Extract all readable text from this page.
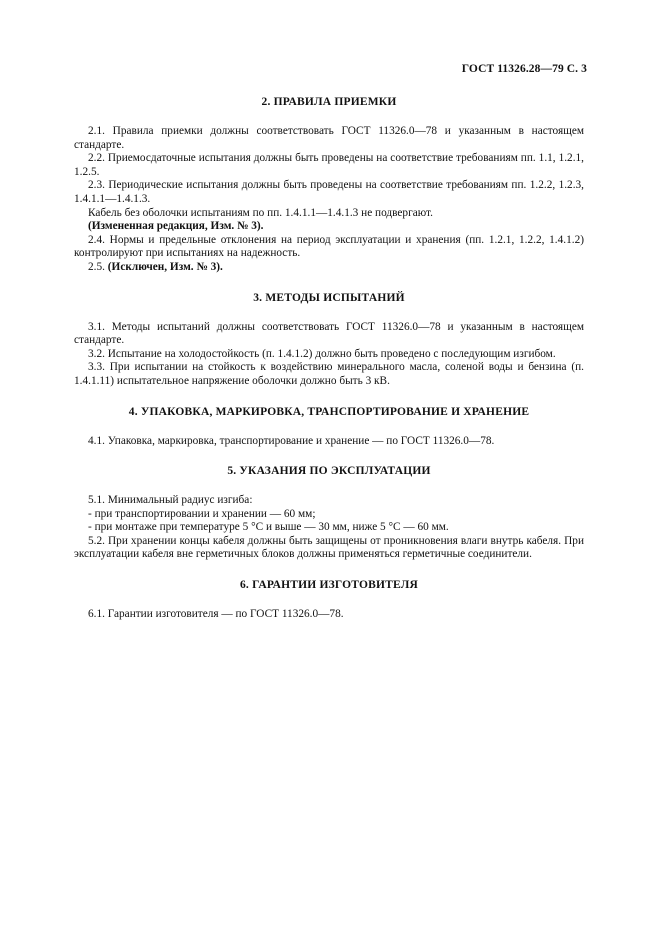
ГОСТ 11326.28—79 С. 3
2. ПРАВИЛА ПРИЕМКИ

2.1. Правила приемки должны соответствовать ГОСТ 11326.0—78 и указанным в настоящем стандарте.

2.2. Приемосдаточные испытания должны быть проведены на соответствие требованиям пп. 1.1, 1.2.1, 1.2.5.

2.3. Периодические испытания должны быть проведены на соответствие требованиям пп. 1.2.2, 1.2.3, 1.4.1.1—1.4.1.3.

Кабель без оболочки испытаниям по пп. 1.4.1.1—1.4.1.3 не подвергают.

(Измененная редакция, Изм. № 3).

2.4. Нормы и предельные отклонения на период эксплуатации и хранения (пп. 1.2.1, 1.2.2, 1.4.1.2) контролируют при испытаниях на надежность.

2.5. (Исключен, Изм. № 3).

3. МЕТОДЫ ИСПЫТАНИЙ

3.1. Методы испытаний должны соответствовать ГОСТ 11326.0—78 и указанным в настоящем стандарте.

3.2. Испытание на холодостойкость (п. 1.4.1.2) должно быть проведено с последующим изгибом.

3.3. При испытании на стойкость к воздействию минерального масла, соленой воды и бензина (п. 1.4.1.11) испытательное напряжение оболочки должно быть 3 кВ.

4. УПАКОВКА, МАРКИРОВКА, ТРАНСПОРТИРОВАНИЕ И ХРАНЕНИЕ

4.1. Упаковка, маркировка, транспортирование и хранение — по ГОСТ 11326.0—78.

5. УКАЗАНИЯ ПО ЭКСПЛУАТАЦИИ

5.1. Минимальный радиус изгиба:

- при транспортировании и хранении — 60 мм;

- при монтаже при температуре 5 °С и выше — 30 мм, ниже 5 °С — 60 мм.

5.2. При хранении концы кабеля должны быть защищены от проникновения влаги внутрь кабеля. При эксплуатации кабеля вне герметичных блоков должны применяться герметичные соединители.

6. ГАРАНТИИ ИЗГОТОВИТЕЛЯ

6.1. Гарантии изготовителя — по ГОСТ 11326.0—78.
